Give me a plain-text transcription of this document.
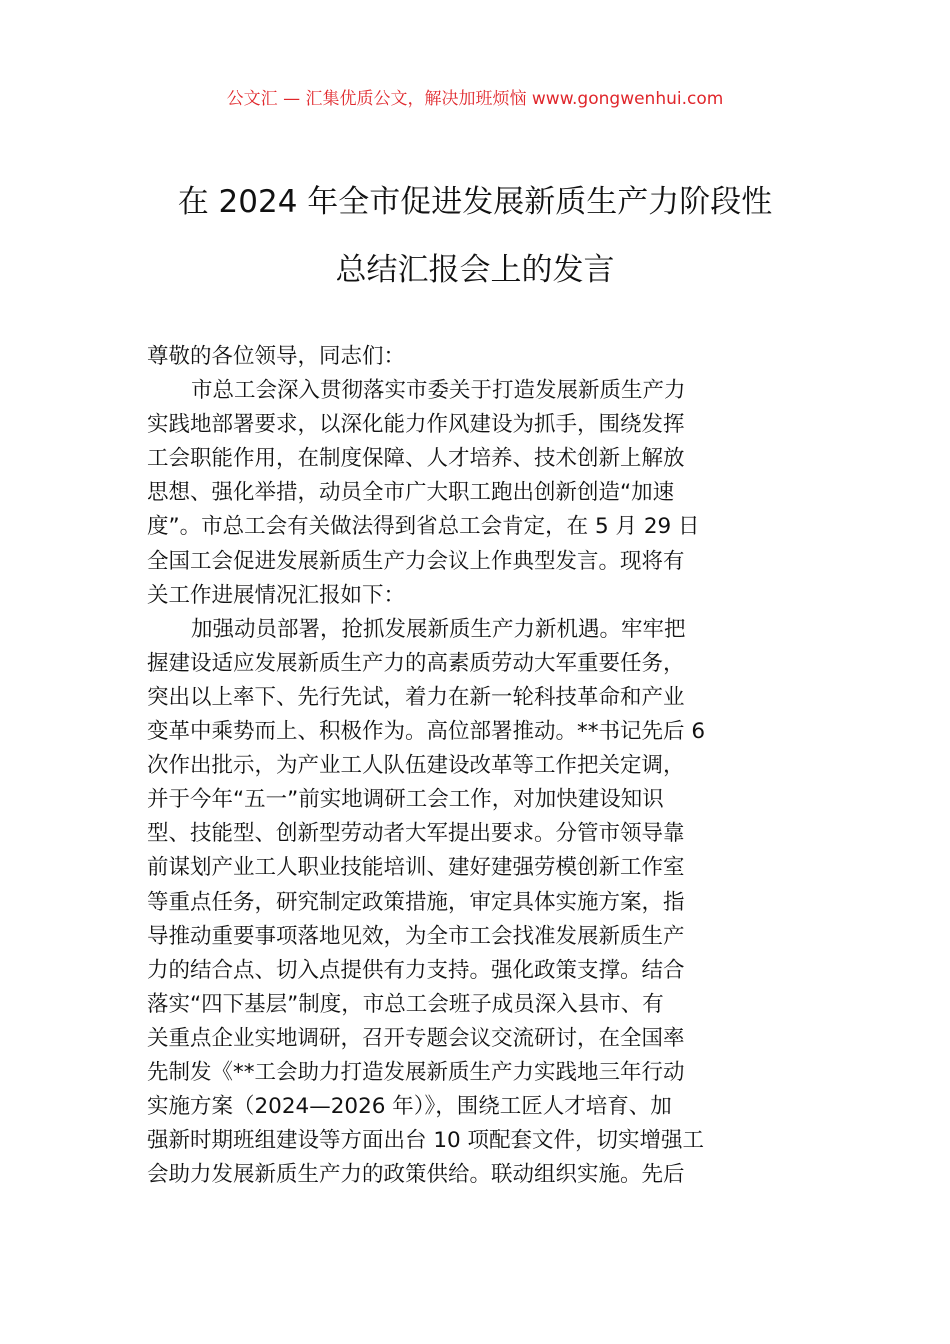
公文汇 — 汇集优质公文，解决加班烦恼 www.gongwenhui.com
在 2024 年全市促进发展新质生产力阶段性
总结汇报会上的发言
尊敬的各位领导，同志们：
市总工会深入贯彻落实市委关于打造发展新质生产力
实践地部署要求，以深化能力作风建设为抓手，围绕发挥
工会职能作用，在制度保障、人才培养、技术创新上解放
思想、强化举措，动员全市广大职工跑出创新创造“加速
度”。市总工会有关做法得到省总工会肯定，在 5 月 29 日
全国工会促进发展新质生产力会议上作典型发言。现将有
关工作进展情况汇报如下：
加强动员部署，抢抓发展新质生产力新机遇。牢牢把
握建设适应发展新质生产力的高素质劳动大军重要任务，
突出以上率下、先行先试，着力在新一轮科技革命和产业
变革中乘势而上、积极作为。高位部署推动。**书记先后 6
次作出批示，为产业工人队伍建设改革等工作把关定调，
并于今年“五一”前实地调研工会工作，对加快建设知识
型、技能型、创新型劳动者大军提出要求。分管市领导靠
前谋划产业工人职业技能培训、建好建强劳模创新工作室
等重点任务，研究制定政策措施，审定具体实施方案，指
导推动重要事项落地见效，为全市工会找准发展新质生产
力的结合点、切入点提供有力支持。强化政策支撑。结合
落实“四下基层”制度，市总工会班子成员深入县市、有
关重点企业实地调研，召开专题会议交流研讨，在全国率
先制发《**工会助力打造发展新质生产力实践地三年行动
实施方案（2024—2026 年）》，围绕工匠人才培育、加
强新时期班组建设等方面出台 10 项配套文件，切实增强工
会助力发展新质生产力的政策供给。联动组织实施。先后
